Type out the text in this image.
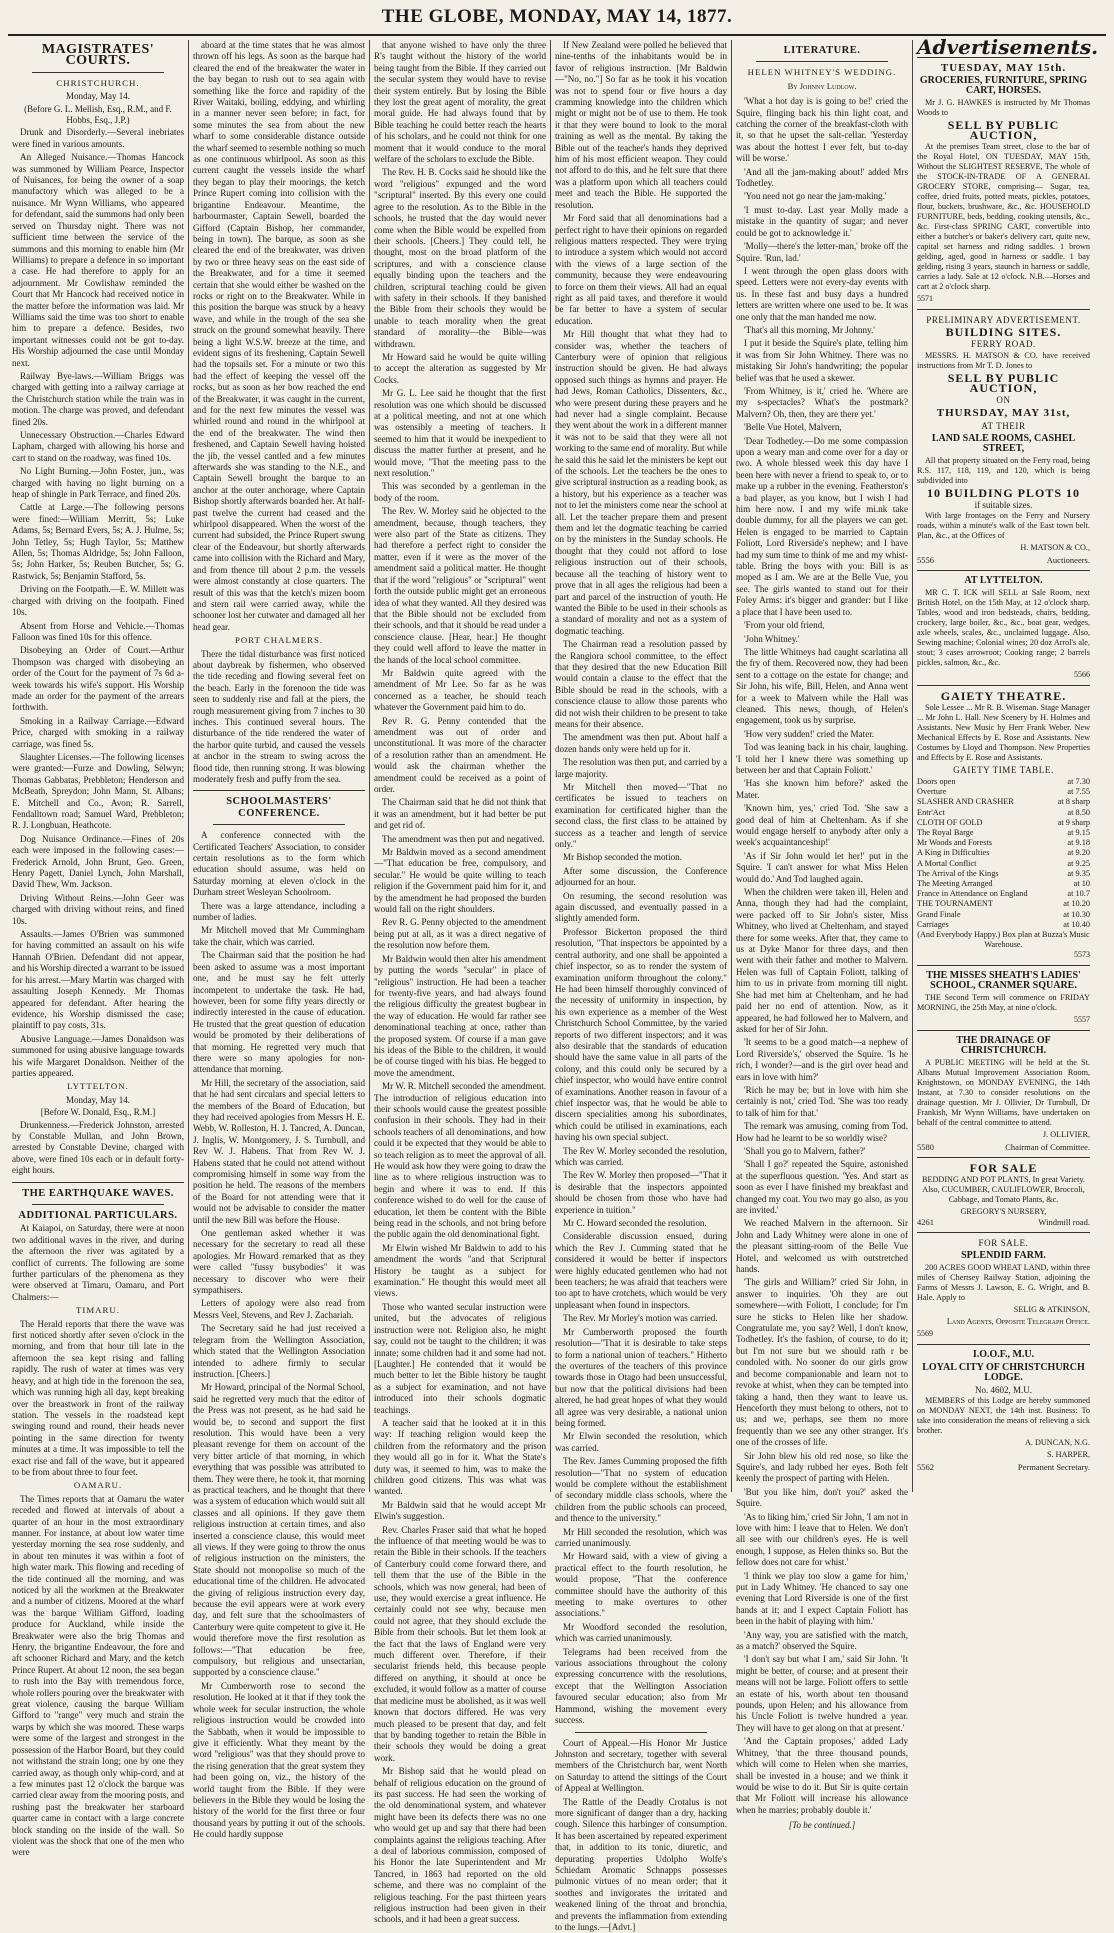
THE GLOBE, MONDAY, MAY 14, 1877.
MAGISTRATES' COURTS.
CHRISTCHURCH.
Monday, May 14.
(Before G. L. Mellish, Esq., R.M., and F. Hobbs, Esq., J.P.)

Drunk and Disorderly.—Several inebriates were fined in various amounts.

An Alleged Nuisance.—Thomas Hancock was summoned by William Pearce, Inspector of Nuisances, for being the owner of a soap manufactory which was alleged to be a nuisance. Mr Wynn Williams, who appeared for defendant, said the summons had only been served on Thursday night. There was not sufficient time between the service of the summons and this morning to enable him (Mr Williams) to prepare a defence in so important a case. He had therefore to apply for an adjournment. Mr Cowlishaw reminded the Court that Mr Hancock had received notice in the matter before the information was laid. Mr Williams said the time was too short to enable him to prepare a defence. Besides, two important witnesses could not be got to-day. His Worship adjourned the case until Monday next.

Railway Bye-laws.—William Briggs was charged with getting into a railway carriage at the Christchurch station while the train was in motion. The charge was proved, and defendant fined 20s.

Unnecessary Obstruction.—Charles Edward Lapham, charged with allowing his horse and cart to stand on the roadway, was fined 10s.

No Light Burning.—John Foster, jun., was charged with having no light burning on a heap of shingle in Park Terrace, and fined 20s.

Cattle at Large.—The following persons were fined:—William Merritt, 5s; Luke Adams, 5s; Bernard Evers, 5s; A. J. Hulme, 5s; John Tetley, 5s; Hugh Taylor, 5s; Matthew Allen, 5s; Thomas Aldridge, 5s; John Falloon, 5s; John Harker, 5s; Reuben Butcher, 5s; G. Rastwick, 5s; Benjamin Stafford, 5s.

Driving on the Footpath.—E. W. Millett was charged with driving on the footpath. Fined 10s.

Absent from Horse and Vehicle.—Thomas Falloon was fined 10s for this offence.

Disobeying an Order of Court.—Arthur Thompson was charged with disobeying an order of the Court for the payment of 7s 6d a-week towards his wife's support. His Worship made an order for the payment of the arrears forthwith.

Smoking in a Railway Carriage.—Edward Price, charged with smoking in a railway carriage, was fined 5s.

Slaughter Licenses.—The following licenses were granted:—Furze and Dowling, Selwyn; Thomas Gabbatas, Prebbleton; Henderson and McBeath, Spreydon; John Mann, St. Albans; E. Mitchell and Co., Avon; R. Sarrell, Fendalltown road; Samuel Ward, Prebbleton; R. J. Longbuan, Heathcote.

Dog Nuisance Ordinance.—Fines of 20s each were imposed in the following cases:—Frederick Arnold, John Brunt, Geo. Green, Henry Pagett, Daniel Lynch, John Marshall, David Thew, Wm. Jackson.

Driving Without Reins.—John Geer was charged with driving without reins, and fined 10s.

Assaults.—James O'Brien was summoned for having committed an assault on his wife Hannah O'Brien. Defendant did not appear, and his Worship directed a warrant to be issued for his arrest.—Mary Martin was charged with assaulting Joseph Kennedy. Mr Thomas appeared for defendant. After hearing the evidence, his Worship dismissed the case; plaintiff to pay costs, 31s.

Abusive Language.—James Donaldson was summoned for using abusive language towards his wife Margaret Donaldson. Neither of the parties appeared.

LYTTELTON.
Monday, May 14.
[Before W. Donald, Esq., R.M.]

Drunkenness.—Frederick Johnston, arrested by Constable Mullan, and John Brown, arrested by Constable Devine, charged with above, were fined 10s each or in default forty-eight hours.

THE EARTHQUAKE WAVES.
ADDITIONAL PARTICULARS.

At Kaiapoi, on Saturday, there were at noon two additional waves in the river, and during the afternoon the river was agitated by a conflict of currents. The following are some further particulars of the phenomena as they were observed at Timaru, Oamaru, and Port Chalmers:—

TIMARU.

The Herald reports that there the wave was first noticed shortly after seven o'clock in the morning, and from that hour till late in the afternoon the sea kept rising and falling rapidly. The rush of water at times was very heavy, and at high tide in the forenoon the sea, which was running high all day, kept breaking over the breastwork in front of the railway station. The vessels in the roadstead kept swinging round and round, their heads never pointing in the same direction for twenty minutes at a time. It was impossible to tell the exact rise and fall of the wave, but it appeared to be from about three to four feet.

OAMARU.

The Times reports that at Oamaru the water receded and flowed at intervals of about a quarter of an hour in the most extraordinary manner. For instance, at about low water time yesterday morning the sea rose suddenly, and in about ten minutes it was within a foot of high water mark. This flowing and receding of the tide continued all the morning, and was noticed by all the workmen at the Breakwater and a number of citizens. Moored at the wharf was the barque William Gifford, loading produce for Auckland, while inside the Breakwater were also the brig Thomas and Henry, the brigantine Endeavour, the fore and aft schooner Richard and Mary, and the ketch Prince Rupert. At about 12 noon, the sea began to rush into the Bay with tremendous force, whole rollers pouring over the breakwater with great violence, causing the barque William Gifford to "range" very much and strain the warps by which she was moored. These warps were some of the largest and strongest in the possession of the Harbor Board, but they could not withstand the strain long; one by one they carried away, as though only whip-cord, and at a few minutes past 12 o'clock the barque was carried clear away from the mooring posts, and rushing past the breakwater her starboard quarter came in contact with a large concrete block standing on the inside of the wall. So violent was the shock that one of the men who were

aboard at the time states that he was almost thrown off his legs. As soon as the barque had cleared the end of the breakwater the water in the bay began to rush out to sea again with something like the force and rapidity of the River Waitaki, boiling, eddying, and whirling in a manner never seen before; in fact, for some minutes the sea from about the new wharf to some considerable distance outside the wharf seemed to resemble nothing so much as one continuous whirlpool. As soon as this current caught the vessels inside the wharf they began to play their moorings, the ketch Prince Rupert coming into collision with the brigantine Endeavour. Meantime, the harbourmaster, Captain Sewell, boarded the Gifford (Captain Bishop, her commander, being in town). The barque, as soon as she cleared the end of the breakwater, was driven by two or three heavy seas on the east side of the Breakwater, and for a time it seemed certain that she would either be washed on the rocks or right on to the Breakwater. While in this position the barque was struck by a heavy wave, and while in the trough of the sea she struck on the ground somewhat heavily. There being a light W.S.W. breeze at the time, and evident signs of its freshening, Captain Sewell had the topsails set. For a minute or two this had the effect of keeping the vessel off the rocks, but as soon as her bow reached the end of the Breakwater, it was caught in the current, and for the next few minutes the vessel was whirled round and round in the whirlpool at the end of the breakwater. The wind then freshened, and Captain Sewell having hoisted the jib, the vessel cantled and a few minutes afterwards she was standing to the N.E., and Captain Sewell brought the barque to an anchor at the outer anchorage, where Captain Bishop shortly afterwards boarded her. At half-past twelve the current had ceased and the whirlpool disappeared. When the worst of the current had subsided, the Prince Rupert swung clear of the Endeavour, but shortly afterwards came into collision with the Richard and Mary, and from thence till about 2 p.m. the vessels were almost constantly at close quarters. The result of this was that the ketch's mizen boom and stern rail were carried away, while the schooner lost her cutwater and damaged all her head gear.

PORT CHALMERS.

There the tidal disturbance was first noticed about daybreak by fishermen, who observed the tide receding and flowing several feet on the beach. Early in the forenoon the tide was seen to suddenly rise and fall at the piers, the rough measurement giving from 7 inches to 30 inches. This continued several hours. The disturbance of the tide rendered the water of the harbor quite turbid, and caused the vessels at anchor in the stream to swing across the flood tide, then running strong. It was blowing moderately fresh and puffy from the sea.

SCHOOLMASTERS' CONFERENCE.

A conference connected with the Certificated Teachers' Association, to consider certain resolutions as to the form which education should assume, was held on Saturday morning at eleven o'clock in the Durham street Wesleyan Schoolroom.

There was a large attendance, including a number of ladies.

Mr Mitchell moved that Mr Cummingham take the chair, which was carried.

The Chairman said that the position he had been asked to assume was a most important one, and he must say he felt utterly incompetent to undertake the task. He had, however, been for some fifty years directly or indirectly interested in the cause of education. He trusted that the great question of education would be promoted by their deliberations of that morning. He regretted very much that there were so many apologies for non-attendance that morning.

Mr Hill, the secretary of the association, said that he had sent circulars and special letters to the members of the Board of Education, but they had received apologies from Messrs H. E. Webb, W. Rolleston, H. J. Tancred, A. Duncan, J. Inglis, W. Montgomery, J. S. Turnbull, and Rev W. J. Habens. That from Rev W. J. Habens stated that he could not attend without compromising himself in some way from the position he held. The reasons of the members of the Board for not attending were that it would not be advisable to consider the matter until the new Bill was before the House.

One gentleman asked whether it was necessary for the secretary to read all these apologies. Mr Howard remarked that as they were called "fussy busybodies" it was necessary to discover who were their sympathisers.

Letters of apology were also read from Messrs Veel, Stevens, and Rev J. Zachariah.

The Secretary said he had just received a telegram from the Wellington Association, which stated that the Wellington Association intended to adhere firmly to secular instruction. [Cheers.]

Mr Howard, principal of the Normal School, said he regretted very much that the editor of the Press was not present, as he had said he would be, to second and support the first resolution. This would have been a very pleasant revenge for them on account of the very bitter article of that morning, in which everything that was possible was attributed to them. They were there, he took it, that morning as practical teachers, and he thought that there was a system of education which would suit all classes and all opinions. If they gave them religious instruction at certain times, and also inserted a conscience clause, this would meet all views. If they were going to throw the onus of religious instruction on the ministers, the State should not monopolise so much of the educational time of the children. He advocated the giving of religious instruction every day, because the evil appears were at work every day, and felt sure that the schoolmasters of Canterbury were quite competent to give it. He would therefore move the first resolution as follows:—"That education be free, compulsory, but religious and unsectarian, supported by a conscience clause."

Mr Cumberworth rose to second the resolution. He looked at it that if they took the whole week for secular instruction, the whole religious instruction would be crowded into the Sabbath, when it would be impossible to give it efficiently. What they meant by the word "religious" was that they should prove to the rising generation that the great system they had been going on, viz., the history of the world taught from the Bible. If they were believers in the Bible they would be losing the history of the world for the first three or four thousand years by putting it out of the schools. He could hardly suppose

that anyone wished to have only the three R's taught without the history of the world being taught from the Bible. If they carried out the secular system they would have to revise their system entirely. But by losing the Bible they lost the great agent of morality, the great moral guide. He had always found that by Bible teaching he could better reach the hearts of his scholars, and he could not think for one moment that it would conduce to the moral welfare of the scholars to exclude the Bible.

The Rev. H. B. Cocks said he should like the word "religious" expunged and the word "scriptural" inserted. By this every one could agree to the resolution. As to the Bible in the schools, he trusted that the day would never come when the Bible would be expelled from their schools. [Cheers.] They could tell, he thought, most on the broad platform of the scriptures, and with a conscience clause equally binding upon the teachers and the children, scriptural teaching could be given with safety in their schools. If they banished the Bible from their schools they would be unable to teach morality when the great standard of morality—the Bible—was withdrawn.

Mr Howard said he would be quite willing to accept the alteration as suggested by Mr Cocks.

Mr G. L. Lee said he thought that the first resolution was one which should be discussed at a political meeting, and not at one which was ostensibly a meeting of teachers. It seemed to him that it would be inexpedient to discuss the matter further at present, and he would move, "That the meeting pass to the next resolution."

This was seconded by a gentleman in the body of the room.

The Rev. W. Morley said he objected to the amendment, because, though teachers, they were also part of the State as citizens. They had therefore a perfect right to consider the matter, even if it were as the mover of the amendment said a political matter. He thought that if the word "religious" or "scriptural" went forth the outside public might get an erroneous idea of what they wanted. All they desired was that the Bible should not be excluded from their schools, and that it should be read under a conscience clause. [Hear, hear.] He thought they could well afford to leave the matter in the hands of the local school committee.

Mr Baldwin quite agreed with the amendment of Mr Lee. So far as he was concerned as a teacher, he should teach whatever the Government paid him to do.

Rev R. G. Penny contended that the amendment was out of order and unconstitutional. It was more of the character of a resolution rather than an amendment. He would ask the chairman whether the amendment could be received as a point of order.

The Chairman said that he did not think that it was an amendment, but it had better be put and get rid of.

The amendment was then put and negatived.

Mr Baldwin moved as a second amendment—"That education be free, compulsory, and secular." He would be quite willing to teach religion if the Government paid him for it, and by the amendment he had proposed the burden would fall on the right shoulders.

Rev R. G. Penny objected to the amendment being put at all, as it was a direct negative of the resolution now before them.

Mr Baldwin would then alter his amendment by putting the words "secular" in place of "religious" instruction. He had been a teacher for twenty-five years, and had always found the religious difficulty the greatest bugbear in the way of education. He would far rather see denominational teaching at once, rather than the proposed system. Of course if a man gave his ideas of the Bible to the children, it would be of course tinged with his bias. He begged to move the amendment.

Mr W. R. Mitchell seconded the amendment. The introduction of religious education into their schools would cause the greatest possible confusion in their schools. They had in their schools teachers of all denominations, and how could it be expected that they would be able to so teach religion as to meet the approval of all. He would ask how they were going to draw the line as to where religious instruction was to begin and where it was to end. If this conference wished to do well for the cause of education, let them be content with the Bible being read in the schools, and not bring before the public again the old denominational fight.

Mr Elwin wished Mr Baldwin to add to his amendment the words "and that Scriptural History be taught as a subject for examination." He thought this would meet all views.

Those who wanted secular instruction were united, but the advocates of religious instruction were not. Religion also, he might say, could not be taught to the children; it was innate; some children had it and some had not. [Laughter.] He contended that it would be much better to let the Bible history be taught as a subject for examination, and not have introduced into their schools dogmatic teachings.

A teacher said that he looked at it in this way: If teaching religion would keep the children from the reformatory and the prison they would all go in for it. What the State's duty was, it seemed to him, was to make the children good citizens. This was what was wanted.

Mr Baldwin said that he would accept Mr Elwin's suggestion.

Rev. Charles Fraser said that what he hoped the influence of that meeting would be was to retain the Bible in their schools. If the teachers of Canterbury could come forward there, and tell them that the use of the Bible in the schools, which was now general, had been of use, they would exercise a great influence. He certainly could not see why, because men could not agree, that they should exclude the Bible from their schools. But let them look at the fact that the laws of England were very much different over. Therefore, if their secularist friends held, this because people differed on anything, it should at once be excluded, it would follow as a matter of course that medicine must be abolished, as it was well known that doctors differed. He was very much pleased to be present that day, and felt that by banding together to retain the Bible in their schools they would be doing a great work.

Mr Bishop said that he would plead on behalf of religious education on the ground of its past success. He had seen the working of the old denominational system, and whatever might have been its defects there was no one who would get up and say that there had been complaints against the religious teaching. After a deal of laborious commission, composed of his Honor the late Superintendent and Mr Tancred, in 1863 had reported on the old scheme, and there was no complaint of the religious teaching. For the past thirteen years religious instruction had been given in their schools, and it had been a great success.

If New Zealand were polled he believed that nine-tenths of the inhabitants would be in favor of religious instruction. [Mr Baldwin—"No, no."] So far as he took it his vocation was not to spend four or five hours a day cramming knowledge into the children which might or might not be of use to them. He took it that they were bound to look to the moral training as well as the mental. By taking the Bible out of the teacher's hands they deprived him of his most efficient weapon. They could not afford to do this, and he felt sure that there was a platform upon which all teachers could meet and teach the Bible. He supported the resolution.

Mr Ford said that all denominations had a perfect right to have their opinions on regarded religious matters respected. They were trying to introduce a system which would not accord with the views of a large section of the community, because they were endeavouring to force on them their views. All had an equal right as all paid taxes, and therefore it would be far better to have a system of secular education.

Mr Hill thought that what they had to consider was, whether the teachers of Canterbury were of opinion that religious instruction should be given. He had always opposed such things as hymns and prayer. He had Jews, Roman Catholics, Dissenters, &c., who were present during these prayers and he had never had a single complaint. Because they went about the work in a different manner it was not to be said that they were all not working to the same end of morality. But while he said this he said let the ministers be kept out of the schools. Let the teachers be the ones to give scriptural instruction as a reading book, as a history, but his experience as a teacher was not to let the ministers come near the school at all. Let the teacher prepare them and present them and let the dogmatic teaching be carried on by the ministers in the Sunday schools. He thought that they could not afford to lose religious instruction out of their schools, because all the teaching of history went to prove that in all ages the religious had been a part and parcel of the instruction of youth. He wanted the Bible to be used in their schools as a standard of morality and not as a system of dogmatic teaching.

The Chairman read a resolution passed by the Rangiora school committee, to the effect that they desired that the new Education Bill would contain a clause to the effect that the Bible should be read in the schools, with a conscience clause to allow those parents who did not wish their children to be present to take means for their absence.

The amendment was then put. About half a dozen hands only were held up for it.

The resolution was then put, and carried by a large majority.

Mr Mitchell then moved—"That no certificates be issued to teachers on examination for certificated higher than the second class, the first class to be attained by success as a teacher and length of service only."

Mr Bishop seconded the motion.

After some discussion, the Conference adjourned for an hour.

On resuming, the second resolution was again discussed, and eventually passed in a slightly amended form.

Professor Bickerton proposed the third resolution, "That inspectors be appointed by a central authority, and one shall be appointed a chief inspector, so as to render the system of examination uniform throughout the colony." He had been himself thoroughly convinced of the necessity of uniformity in inspection, by his own experience as a member of the West Christchurch School Committee, by the varied reports of two different inspectors; and it was also desirable that the standards of education should have the same value in all parts of the colony, and this could only be secured by a chief inspector, who would have entire control of examinations. Another reason in favour of a chief inspector was, that he would be able to discern specialities among his subordinates, which could be utilised in examinations, each having his own special subject.

The Rev W. Morley seconded the resolution, which was carried.

The Rev W. Morley then proposed—"That it is desirable that the inspectors appointed should be chosen from those who have had experience in tuition."

Mr C. Howard seconded the resolution.

Considerable discussion ensued, during which the Rev J. Cumming stated that he considered it would be better if inspectors were highly educated gentlemen who had not been teachers; he was afraid that teachers were too apt to have crotchets, which would be very unpleasant when found in inspectors.

The Rev. Mr Morley's motion was carried.

Mr Cumberworth proposed the fourth resolution—"That it is desirable to take steps to form a national union of teachers." Hitherto the overtures of the teachers of this province towards those in Otago had been unsuccessful, but now that the political divisions had been altered, he had great hopes of what they would all agree was very desirable, a national union being formed.

Mr Elwin seconded the resolution, which was carried.

The Rev. James Cumming proposed the fifth resolution—"That no system of education would be complete without the establishment of secondary middle class schools, where the children from the public schools can proceed, and thence to the university."

Mr Hill seconded the resolution, which was carried unanimously.

Mr Howard said, with a view of giving a practical effect to the fourth resolution, he would propose, "That the conference committee should have the authority of this meeting to make overtures to other associations."

Mr Woodford seconded the resolution, which was carried unanimously.

Telegrams had been received from the various associations throughout the colony expressing concurrence with the resolutions, except that the Wellington Association favoured secular education; also from Mr Hammond, wishing the movement every success.

Court of Appeal.—His Honor Mr Justice Johnston and secretary, together with several members of the Christchurch bar, went North on Saturday to attend the sittings of the Court of Appeal at Wellington.

The Rattle of the Deadly Crotalus is not more significant of danger than a dry, hacking cough. Silence this harbinger of consumption. It has been ascertained by repeated experiment that, in addition to its tonic, diuretic, and depurating properties Udolpho Wolfe's Schiedam Aromatic Schnapps possesses pulmonic virtues of no mean order; that it soothes and invigorates the irritated and weakened lining of the throat and bronchia, and prevents the inflammation from extending to the lungs.—[Advt.]

LITERATURE.
HELEN WHITNEY'S WEDDING.
By Johnny Ludlow.

'What a hot day is is going to be!' cried the Squire, flinging back his thin light coat, and catching the corner of the breakfast-cloth with it, so that he upset the salt-cellar. 'Yesterday was about the hottest I ever felt, but to-day will be worse.'

'And all the jam-making about!' added Mrs Todhetley.

'You need not go near the jam-making.'

'I must to-day. Last year Molly made a mistake in the quantity of sugar; and never could be got to acknowledge it.'

'Molly—there's the letter-man,' broke off the Squire. 'Run, lad.'

I went through the open glass doors with speed. Letters were not every-day events with us. In these fast and busy days a hundred letters are written where one used to be. It was one only that the man handed me now.

'That's all this morning, Mr Johnny.'

I put it beside the Squire's plate, telling him it was from Sir John Whitney. There was no mistaking Sir John's handwriting; the popular belief was that he used a skewer.

'From Whitney, is it,' cried he. 'Where are my s-spectacles? What's the postmark? Malvern? Oh, then, they are there yet.'

'Belle Vue Hotel, Malvern,

'Dear Todhetley.—Do me some compassion upon a weary man and come over for a day or two. A whole blessed week this day have I been here with never a friend to speak to, or to make up a rubber in the evening. Featherston's a bad player, as you know, but I wish I had him here now. I and my wife mi.nk take double dummy, for all the players we can get. Helen is engaged to be married to Captain Foliott, Lord Riverside's nephew; and I have had my sum time to think of me and my whist-table. Bring the boys with you: Bill is as moped as I am. We are at the Belle Vue, you see. The girls wanted to stand out for their Foley Arms: it's bigger and grander: but I like a place that I have been used to.

'From your old friend,

'John Whitney.'

The little Whitneys had caught scarlatina all the fry of them. Recovered now, they had been sent to a cottage on the estate for change; and Sir John, his wife, Bill, Helen, and Anna went for a week to Malvern while the Hall was cleaned. This news, though, of Helen's engagement, took us by surprise.

'How very sudden!' cried the Mater.

Tod was leaning back in his chair, laughing. 'I told her I knew there was something up between her and that Captain Foliott.'

'Has she known him before?' asked the Mater.

'Known him, yes,' cried Tod. 'She saw a good deal of him at Cheltenham. As if she would engage herself to anybody after only a week's acquaintanceship!'

'As if Sir John would let her!' put in the Squire. 'I can't answer for what Miss Helen would do.' And Tod laughed again.

When the children were taken ill, Helen and Anna, though they had had the complaint, were packed off to Sir John's sister, Miss Whitney, who lived at Cheltenham, and stayed there for some weeks. After that, they came to us at Dyke Manor for three days, and then went with their father and mother to Malvern. Helen was full of Captain Foliott, talking of him to us in private from morning till night. She had met him at Cheltenham, and he had paid her no end of attention. Now, as it appeared, he had followed her to Malvern, and asked for her of Sir John.

'It seems to be a good match—a nephew of Lord Riverside's,' observed the Squire. 'Is he rich, I wonder?—and is the girl over head and ears in love with him?'

'Rich he may be; but in love with him she certainly is not,' cried Tod. 'She was too ready to talk of him for that.'

The remark was amusing, coming from Tod. How had he learnt to be so worldly wise?

'Shall you go to Malvern, father?'

'Shall I go?' repeated the Squire, astonished at the superfluous question. 'Yes. And start as soon as ever I have finished my breakfast and changed my coat. You two may go also, as you are invited.'

We reached Malvern in the afternoon. Sir John and Lady Whitney were alone in one of the pleasant sitting-room of the Belle Vue Hotel, and welcomed us with outstretched hands.

'The girls and William?' cried Sir John, in answer to inquiries. 'Oh they are out somewhere—with Foliott, I conclude; for I'm sure he sticks to Helen like her shadow. Congratulate me, you say? Well, I don't know, Todhetley. It's the fashion, of course, to do it; but I'm not sure but we should rath r be condoled with. No sooner do our girls grow and become companionable and learn not to revoke at whist, when they can be tempted into taking a hand, then they want to leave us. Henceforth they must belong to others, not to us; and we, perhaps, see them no more frequently than we see any other stranger. It's one of the crosses of life.

Sir John blew his old red nose, so like the Squire's, and lady rubbed her eyes. Both felt keenly the prospect of parting with Helen.

'But you like him, don't you?' asked the Squire.

'As to liking him,' cried Sir John, 'I am not in love with him: I leave that to Helen. We don't all see with our children's eyes. He is well enough, I suppose, as Helen thinks so. But the fellow does not care for whist.'

'I think we play too slow a game for him,' put in Lady Whitney. 'He chanced to say one evening that Lord Riverside is one of the first hands at it; and I expect Captain Foliott has been in the habit of playing with him.'

'Any way, you are satisfied with the match, as a match?' observed the Squire.

'I don't say but what I am,' said Sir John. 'It might be better, of course; and at present their means will not be large. Foliott offers to settle an estate of his, worth about ten thousand pounds, upon Helen; and his allowance from his Uncle Foliott is twelve hundred a year. They will have to get along on that at present.'

'And the Captain proposes,' added Lady Whitney, 'that the three thousand pounds, which will come to Helen when she marries, shall be invested in a house; and we think it would be wise to do it. But Sir is quite certain that Mr Foliott will increase his allowance when he marries; probably double it.'

[To be continued.]
Advertisements.
TUESDAY, MAY 15th.
GROCERIES, FURNITURE, SPRING CART, HORSES.

Mr J. G. HAWKES is instructed by Mr Thomas Woods to

SELL BY PUBLIC AUCTION,

At the premises Team street, close to the bar of the Royal Hotel, ON TUESDAY, MAY 15th, Without the SLIGHTEST RESERVE, The whole of the STOCK-IN-TRADE OF A GENERAL GROCERY STORE, comprising— Sugar, tea, coffee, dried fruits, potted meats, pickles, potatoes, flour, buckets, brushware, &c., &c. HOUSEHOLD FURNITURE, beds, bedding, cooking utensils, &c., &c. First-class SPRING CART, convertible into either a butcher's or baker's delivery cart, quite new, capital set harness and riding saddles. 1 brown gelding, aged, good in harness or saddle. 1 bay gelding, rising 3 years, staunch in harness or saddle, carries a lady. Sale at 12 o'clock. N.B.—Horses and cart at 2 o'clock sharp.

5571
PRELIMINARY ADVERTISEMENT.
BUILDING SITES.
FERRY ROAD.

MESSRS. H. MATSON & CO. have received instructions from Mr T. D. Jones to

SELL BY PUBLIC AUCTION,
ON
THURSDAY, MAY 31st,
AT THEIR
LAND SALE ROOMS, CASHEL STREET,

All that property situated on the Ferry road, being R.S. 117, 118, 119, and 120, which is being subdivided into

10 BUILDING PLOTS 10
if suitable sizes.

With large frontages on the Ferry and Nursery roads, within a minute's walk of the East town belt. Plan, &c., at the Offices of

H. MATSON & CO.,
5556	Auctioneers.
AT LYTTELTON.

MR C. T. ICK will SELL at Sale Room, next British Hotel, on the 15th May, at 12 o'clock sharp, Tables, wood and iron bedsteads, chairs, bedding, crockery, large boiler, &c., &c., boat gear, wedges, axle wheels, scales, &c., unclaimed luggage. Also, Sewing machine; Colonial wines; 20 doz Arrol's ale, stout; 3 cases arrowroot; Cooking range; 2 barrels pickles, salmon, &c., &c.

5566
GAIETY THEATRE.

Sole Lessee ... Mr R. B. Wiseman. Stage Manager ... Mr John L. Hall. New Scenery by H. Holmes and Assistants. New Music by Herr Frank Weber. New Mechanical Effects by E. Rose and Assistants. New Costumes by Lloyd and Thompson. New Properties and Effects by E. Rose and Assistants.

GAIETY TIME TABLE.
Doors open	at 7.30
Overture	at 7.55
SLASHER AND CRASHER	at 8 sharp
Entr'Act	at 8.50
CLOTH OF GOLD	at 9 sharp
The Royal Barge	at 9.15
Mr Woods and Forests	at 9.18
A King in Difficulties	at 9.20
A Mortal Conflict	at 9.25
The Arrival of the Kings	at 9.35
The Meeting Arranged	at 10
France in Attendance on England	at 10.7
THE TOURNAMENT	at 10.20
Grand Finale	at 10.30
Carriages	at 10.40
(And Everybody Happy.) Box plan at Buzza's Music Warehouse.
5573
THE MISSES SHEATH'S LADIES' SCHOOL, CRANMER SQUARE.

THE Second Term will commence on FRIDAY MORNING, the 25th May, at nine o'clock.

5557
THE DRAINAGE OF CHRISTCHURCH.

A PUBLIC MEETING will be held at the St. Albans Mutual Improvement Association Room, Knightstown, on MONDAY EVENING, the 14th Instant, at 7.30 to consider resolutions on the drainage question. Mr J. Ollivier, Dr Turnbull, Dr Frankish, Mr Wynn Williams, have undertaken on behalf of the central committee to attend.

J. OLLIVIER,
5580	Chairman of Committee.
FOR SALE

BEDDING AND POT PLANTS, In great Variety. Also, CUCUMBER, CAULIFLOWER, Broccoli, Cabbage, and Tomato Plants, &c.

GREGORY'S NURSERY,
4261	Windmill road.
FOR SALE.
SPLENDID FARM.

200 ACRES GOOD WHEAT LAND, within three miles of Chertsey Railway Station, adjoining the Farms of Messrs J. Lawson, E. G. Wright, and B. Hale. Apply to

SELIG & ATKINSON,
Land Agents, Opposite Telegraph Office.
5569
I.O.O.F., M.U.
LOYAL CITY OF CHRISTCHURCH LODGE.
No. 4602, M.U.

MEMBERS of this Lodge are hereby summoned on MONDAY NEXT, the 14th inst. Business: To take into consideration the means of relieving a sick brother.

A. DUNCAN, N.G.
S. HARPER,
5562	Permanent Secretary.
